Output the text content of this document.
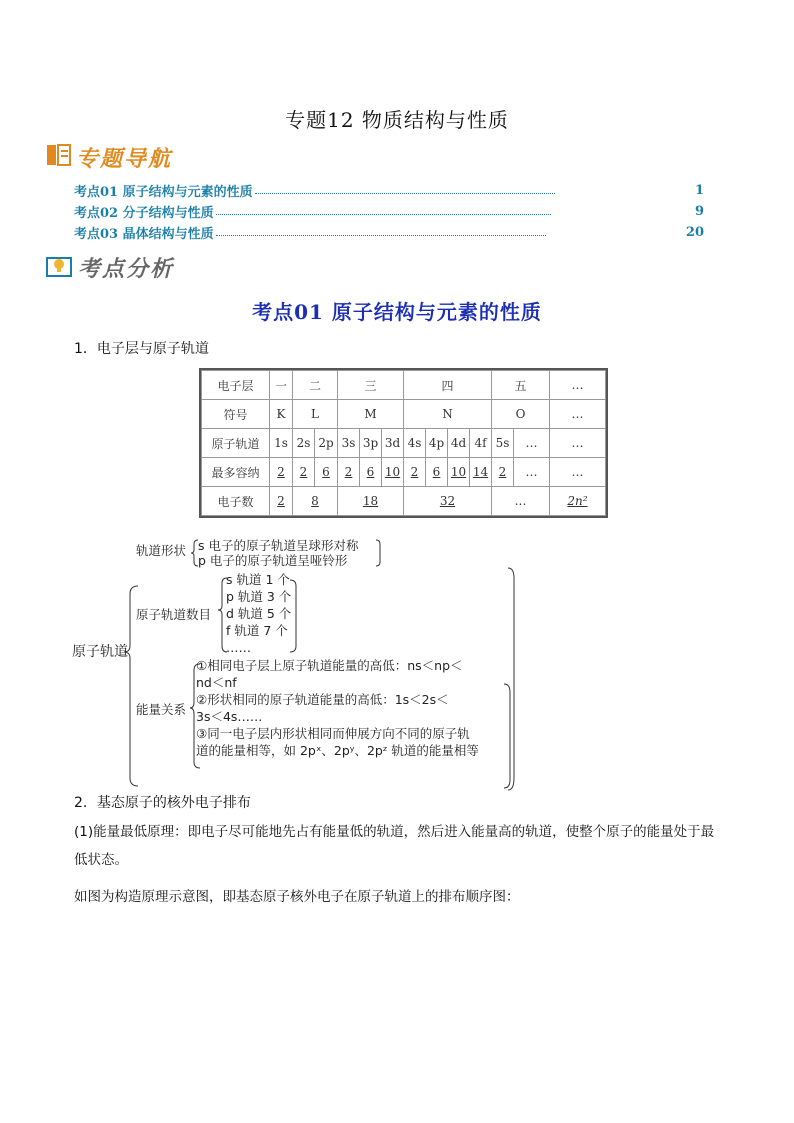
专题12 物质结构与性质
专题导航
考点01 原子结构与元素的性质	1
考点02 分子结构与性质	9
考点03 晶体结构与性质	20
考点分析
考点01 原子结构与元素的性质
1．电子层与原子轨道
电子层	一	二		三			四				五		…
符号	K	L		M			N				O		…
原子轨道	1s	2s	2p	3s	3p	3d	4s	4p	4d	4f	5s	…	…
最多容纳	2	2	6	2	6	10	2	6	10	14	2	…	…
电子数	2	8		18			32				…		2n²
轨道形状 s 电子的原子轨道呈球形对称
p 电子的原子轨道呈哑铃形
原子轨道
原子轨道数目
s 轨道 1 个
p 轨道 3 个
d 轨道 5 个
f 轨道 7 个
……
能量关系
①相同电子层上原子轨道能量的高低：ns＜np＜
nd＜nf
②形状相同的原子轨道能量的高低：1s＜2s＜
3s＜4s……
③同一电子层内形状相同而伸展方向不同的原子轨
道的能量相等，如 2pˣ、2pʸ、2pᶻ 轨道的能量相等
2．基态原子的核外电子排布
(1)能量最低原理：即电子尽可能地先占有能量低的轨道，然后进入能量高的轨道，使整个原子的能量处于最低状态。
如图为构造原理示意图，即基态原子核外电子在原子轨道上的排布顺序图：
